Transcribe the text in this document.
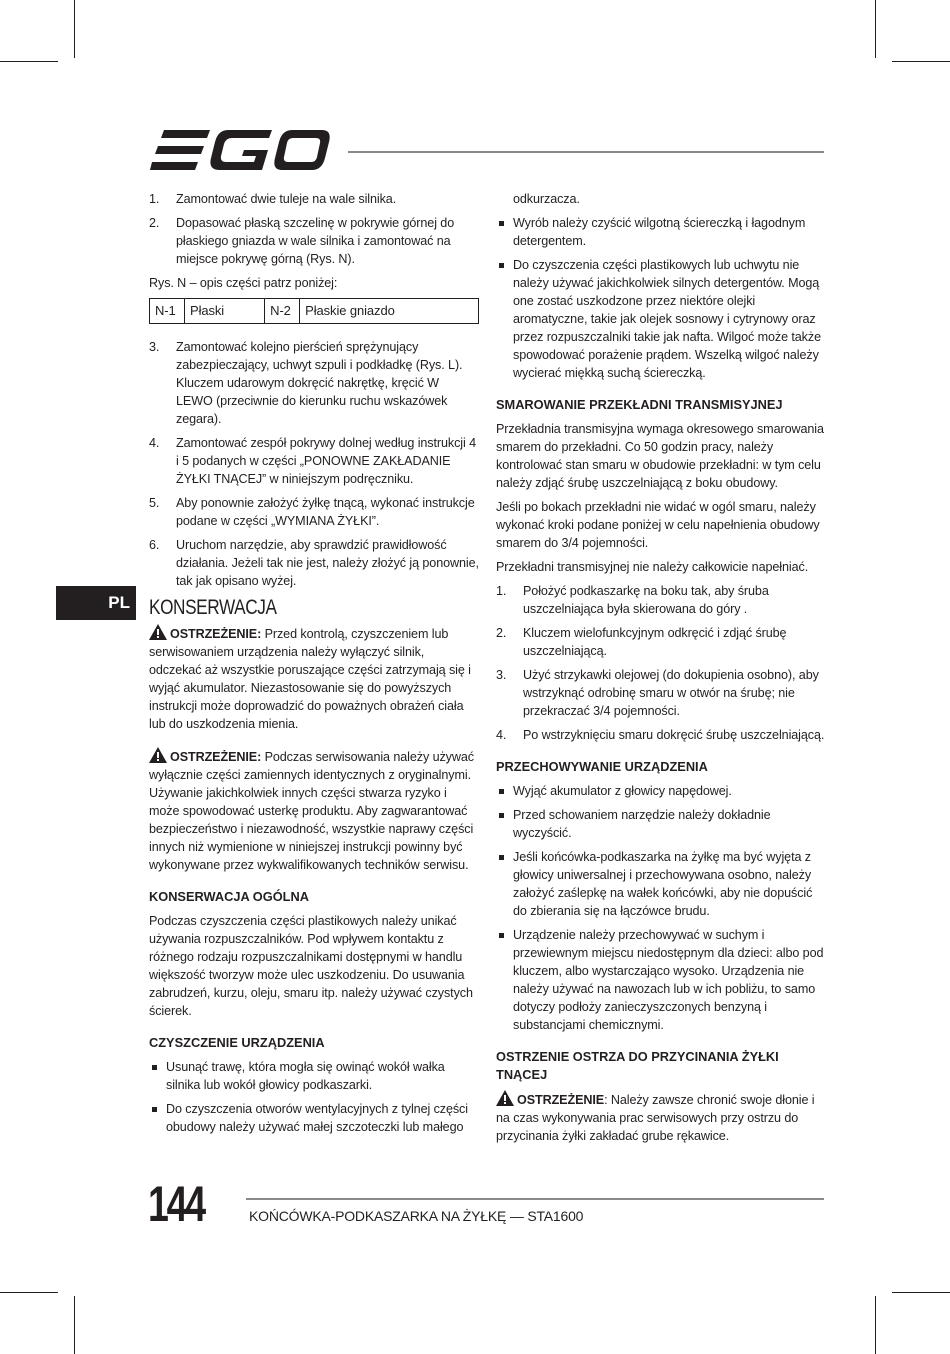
PL
1. Zamontować dwie tuleje na wale silnika.
2. Dopasować płaską szczelinę w pokrywie górnej do płaskiego gniazda w wale silnika i zamontować na miejsce pokrywę górną (Rys. N).

Rys. N – opis części patrz poniżej:

N-1	Płaski	N-2	Płaskie gniazdo
3. Zamontować kolejno pierścień sprężynujący zabezpieczający, uchwyt szpuli i podkładkę (Rys. L). Kluczem udarowym dokręcić nakrętkę, kręcić W LEWO (przeciwnie do kierunku ruchu wskazówek zegara).
4. Zamontować zespół pokrywy dolnej według instrukcji 4 i 5 podanych w części „PONOWNE ZAKŁADANIE ŻYŁKI TNĄCEJ” w niniejszym podręczniku.
5. Aby ponownie założyć żyłkę tnącą, wykonać instrukcje podane w części „WYMIANA ŻYŁKI”.
6. Uruchom narzędzie, aby sprawdzić prawidłowość działania. Jeżeli tak nie jest, należy złożyć ją ponownie, tak jak opisano wyżej.
KONSERWACJA

OSTRZEŻENIE: Przed kontrolą, czyszczeniem lub serwisowaniem urządzenia należy wyłączyć silnik, odczekać aż wszystkie poruszające części zatrzymają się i wyjąć akumulator. Niezastosowanie się do powyższych instrukcji może doprowadzić do poważnych obrażeń ciała lub do uszkodzenia mienia.

OSTRZEŻENIE: Podczas serwisowania należy używać wyłącznie części zamiennych identycznych z oryginalnymi. Używanie jakichkolwiek innych części stwarza ryzyko i może spowodować usterkę produktu. Aby zagwarantować bezpieczeństwo i niezawodność, wszystkie naprawy części innych niż wymienione w niniejszej instrukcji powinny być wykonywane przez wykwalifikowanych techników serwisu.

KONSERWACJA OGÓLNA

Podczas czyszczenia części plastikowych należy unikać używania rozpuszczalników. Pod wpływem kontaktu z różnego rodzaju rozpuszczalnikami dostępnymi w handlu większość tworzyw może ulec uszkodzeniu. Do usuwania zabrudzeń, kurzu, oleju, smaru itp. należy używać czystych ścierek.

CZYSZCZENIE URZĄDZENIA
Usunąć trawę, która mogła się owinąć wokół wałka silnika lub wokół głowicy podkaszarki.
Do czyszczenia otworów wentylacyjnych z tylnej części obudowy należy używać małej szczoteczki lub małego

odkurzacza.

Wyrób należy czyścić wilgotną ściereczką i łagodnym detergentem.
Do czyszczenia części plastikowych lub uchwytu nie należy używać jakichkolwiek silnych detergentów. Mogą one zostać uszkodzone przez niektóre olejki aromatyczne, takie jak olejek sosnowy i cytrynowy oraz przez rozpuszczalniki takie jak nafta. Wilgoć może także spowodować porażenie prądem. Wszelką wilgoć należy wycierać miękką suchą ściereczką.
SMAROWANIE PRZEKŁADNI TRANSMISYJNEJ

Przekładnia transmisyjna wymaga okresowego smarowania smarem do przekładni. Co 50 godzin pracy, należy kontrolować stan smaru w obudowie przekładni: w tym celu należy zdjąć śrubę uszczelniającą z boku obudowy.

Jeśli po bokach przekładni nie widać w ogól smaru, należy wykonać kroki podane poniżej w celu napełnienia obudowy smarem do 3/4 pojemności.

Przekładni transmisyjnej nie należy całkowicie napełniać.

1. Położyć podkaszarkę na boku tak, aby śruba uszczelniająca była skierowana do góry .
2. Kluczem wielofunkcyjnym odkręcić i zdjąć śrubę uszczelniającą.
3. Użyć strzykawki olejowej (do dokupienia osobno), aby wstrzyknąć odrobinę smaru w otwór na śrubę; nie przekraczać 3/4 pojemności.
4. Po wstrzyknięciu smaru dokręcić śrubę uszczelniającą.
PRZECHOWYWANIE URZĄDZENIA
Wyjąć akumulator z głowicy napędowej.
Przed schowaniem narzędzie należy dokładnie wyczyścić.
Jeśli końcówka-podkaszarka na żyłkę ma być wyjęta z głowicy uniwersalnej i przechowywana osobno, należy założyć zaślepkę na wałek końcówki, aby nie dopuścić do zbierania się na łączówce brudu.
Urządzenie należy przechowywać w suchym i przewiewnym miejscu niedostępnym dla dzieci: albo pod kluczem, albo wystarczająco wysoko. Urządzenia nie należy używać na nawozach lub w ich pobliżu, to samo dotyczy podłoży zanieczyszczonych benzyną i substancjami chemicznymi.
OSTRZENIE OSTRZA DO PRZYCINANIA ŻYŁKI TNĄCEJ

OSTRZEŻENIE: Należy zawsze chronić swoje dłonie i na czas wykonywania prac serwisowych przy ostrzu do przycinania żyłki zakładać grube rękawice.

144	KOŃCÓWKA-PODKASZARKA NA ŻYŁKĘ — STA1600
